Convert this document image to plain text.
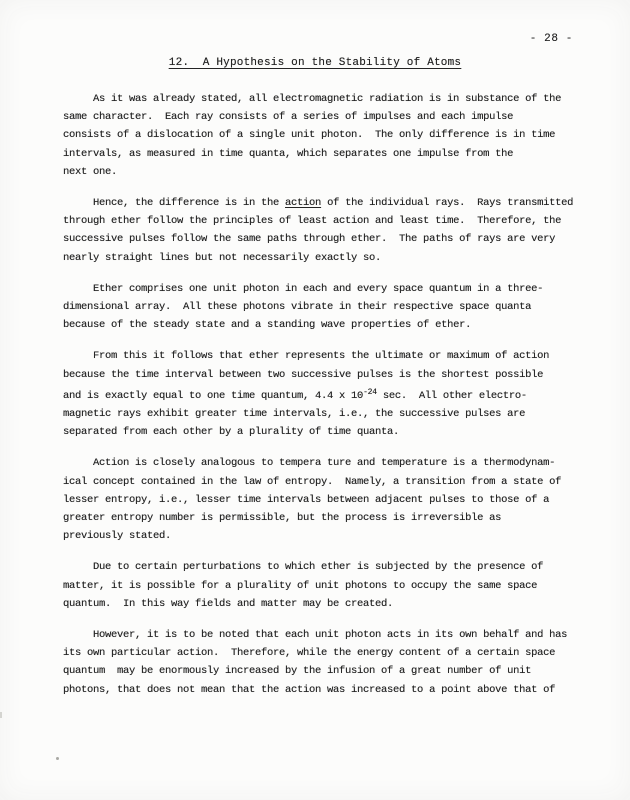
- 28 -
12.  A Hypothesis on the Stability of Atoms

As it was already stated, all electromagnetic radiation is in substance of the
same character.  Each ray consists of a series of impulses and each impulse
consists of a dislocation of a single unit photon.  The only difference is in time
intervals, as measured in time quanta, which separates one impulse from the
next one.

Hence, the difference is in the action of the individual rays.  Rays transmitted
through ether follow the principles of least action and least time.  Therefore, the
successive pulses follow the same paths through ether.  The paths of rays are very
nearly straight lines but not necessarily exactly so.

Ether comprises one unit photon in each and every space quantum in a three-
dimensional array.  All these photons vibrate in their respective space quanta
because of the steady state and a standing wave properties of ether.

From this it follows that ether represents the ultimate or maximum of action
because the time interval between two successive pulses is the shortest possible
and is exactly equal to one time quantum, 4.4 x $10^{-24}$ sec.  All other electro-
magnetic rays exhibit greater time intervals, i.e., the successive pulses are
separated from each other by a plurality of time quanta.

Action is closely analogous to tempera ture and temperature is a thermodynam-
ical concept contained in the law of entropy.  Namely, a transition from a state of
lesser entropy, i.e., lesser time intervals between adjacent pulses to those of a
greater entropy number is permissible, but the process is irreversible as
previously stated.

Due to certain perturbations to which ether is subjected by the presence of
matter, it is possible for a plurality of unit photons to occupy the same space
quantum.  In this way fields and matter may be created.

However, it is to be noted that each unit photon acts in its own behalf and has
its own particular action.  Therefore, while the energy content of a certain space
quantum  may be enormously increased by the infusion of a great number of unit
photons, that does not mean that the action was increased to a point above that of
